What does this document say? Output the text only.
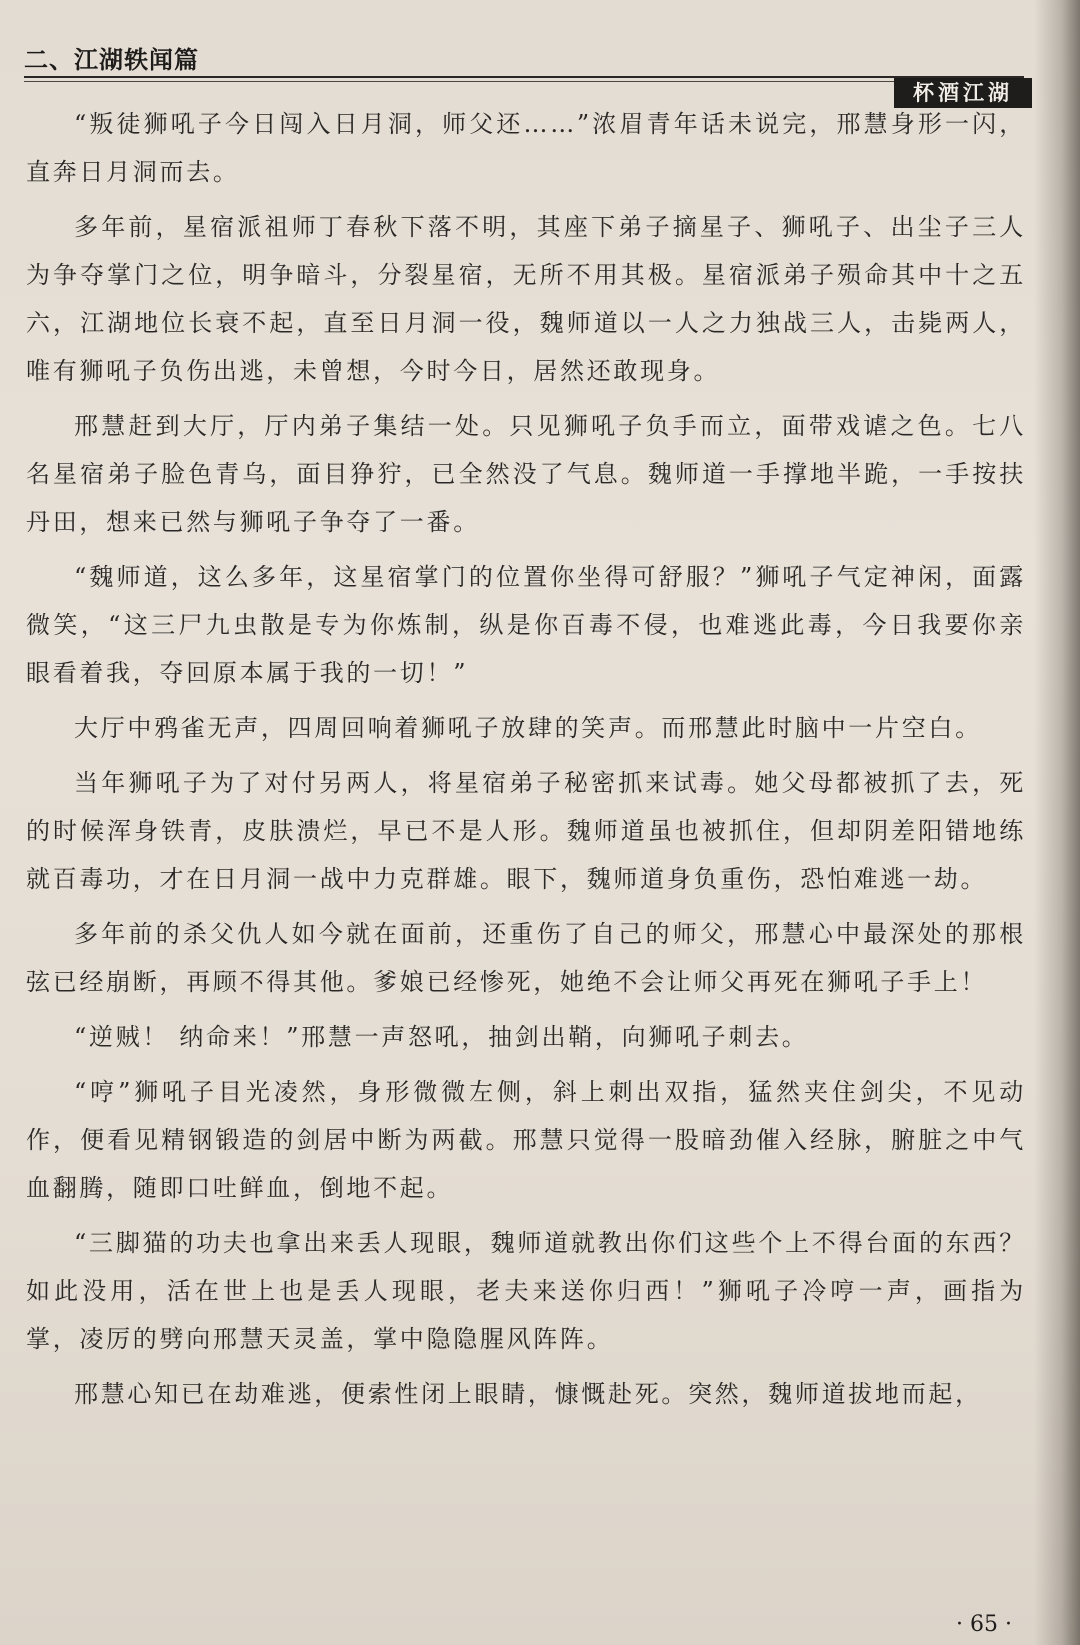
二、江湖轶闻篇
杯酒江湖

“叛徒狮吼子今日闯入日月洞，师父还……”浓眉青年话未说完，邢慧身形一闪，直奔日月洞而去。

多年前，星宿派祖师丁春秋下落不明，其座下弟子摘星子、狮吼子、出尘子三人为争夺掌门之位，明争暗斗，分裂星宿，无所不用其极。星宿派弟子殒命其中十之五六，江湖地位长衰不起，直至日月洞一役，魏师道以一人之力独战三人，击毙两人，唯有狮吼子负伤出逃，未曾想，今时今日，居然还敢现身。

邢慧赶到大厅，厅内弟子集结一处。只见狮吼子负手而立，面带戏谑之色。七八名星宿弟子脸色青乌，面目狰狞，已全然没了气息。魏师道一手撑地半跪，一手按扶丹田，想来已然与狮吼子争夺了一番。

“魏师道，这么多年，这星宿掌门的位置你坐得可舒服？”狮吼子气定神闲，面露微笑，“这三尸九虫散是专为你炼制，纵是你百毒不侵，也难逃此毒，今日我要你亲眼看着我，夺回原本属于我的一切！”

大厅中鸦雀无声，四周回响着狮吼子放肆的笑声。而邢慧此时脑中一片空白。

当年狮吼子为了对付另两人，将星宿弟子秘密抓来试毒。她父母都被抓了去，死的时候浑身铁青，皮肤溃烂，早已不是人形。魏师道虽也被抓住，但却阴差阳错地练就百毒功，才在日月洞一战中力克群雄。眼下，魏师道身负重伤，恐怕难逃一劫。

多年前的杀父仇人如今就在面前，还重伤了自己的师父，邢慧心中最深处的那根弦已经崩断，再顾不得其他。爹娘已经惨死，她绝不会让师父再死在狮吼子手上！

“逆贼！ 纳命来！”邢慧一声怒吼，抽剑出鞘，向狮吼子刺去。

“哼”狮吼子目光凌然，身形微微左侧，斜上刺出双指，猛然夹住剑尖，不见动作，便看见精钢锻造的剑居中断为两截。邢慧只觉得一股暗劲催入经脉，腑脏之中气血翻腾，随即口吐鲜血，倒地不起。

“三脚猫的功夫也拿出来丢人现眼，魏师道就教出你们这些个上不得台面的东西？ 如此没用，活在世上也是丢人现眼，老夫来送你归西！”狮吼子冷哼一声，画指为掌，凌厉的劈向邢慧天灵盖，掌中隐隐腥风阵阵。

邢慧心知已在劫难逃，便索性闭上眼睛，慷慨赴死。突然，魏师道拔地而起，

· 65 ·
